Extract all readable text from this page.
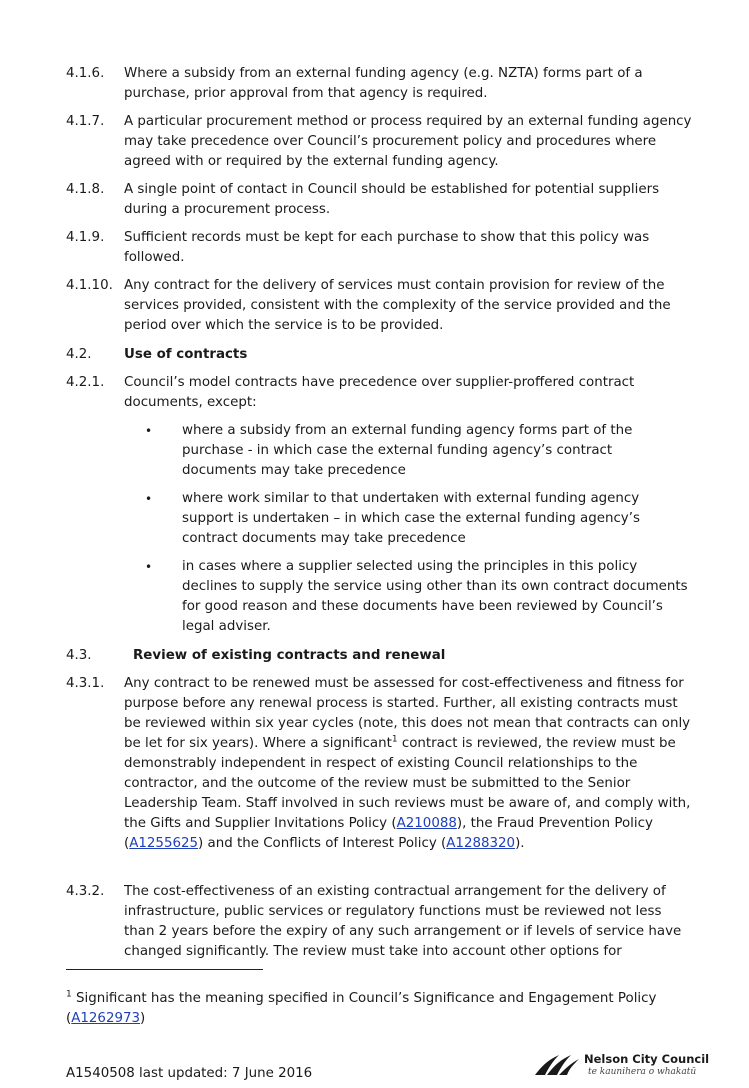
4.1.6. Where a subsidy from an external funding agency (e.g. NZTA) forms part of a purchase, prior approval from that agency is required.
4.1.7. A particular procurement method or process required by an external funding agency may take precedence over Council’s procurement policy and procedures where agreed with or required by the external funding agency.
4.1.8. A single point of contact in Council should be established for potential suppliers during a procurement process.
4.1.9. Sufficient records must be kept for each purchase to show that this policy was followed.
4.1.10. Any contract for the delivery of services must contain provision for review of the services provided, consistent with the complexity of the service provided and the period over which the service is to be provided.
4.2. Use of contracts
4.2.1. Council’s model contracts have precedence over supplier-proffered contract documents, except:
• where a subsidy from an external funding agency forms part of the purchase - in which case the external funding agency’s contract documents may take precedence
• where work similar to that undertaken with external funding agency support is undertaken – in which case the external funding agency’s contract documents may take precedence
• in cases where a supplier selected using the principles in this policy declines to supply the service using other than its own contract documents for good reason and these documents have been reviewed by Council’s legal adviser.
4.3.	Review of existing contracts and renewal
4.3.1. Any contract to be renewed must be assessed for cost-effectiveness and fitness for purpose before any renewal process is started. Further, all existing contracts must be reviewed within six year cycles (note, this does not mean that contracts can only be let for six years). Where a significant$^1$ contract is reviewed, the review must be demonstrably independent in respect of existing Council relationships to the contractor, and the outcome of the review must be submitted to the Senior Leadership Team. Staff involved in such reviews must be aware of, and comply with, the Gifts and Supplier Invitations Policy (A210088), the Fraud Prevention Policy (A1255625) and the Conflicts of Interest Policy (A1288320).
4.3.2. The cost-effectiveness of an existing contractual arrangement for the delivery of infrastructure, public services or regulatory functions must be reviewed not less than 2 years before the expiry of any such arrangement or if levels of service have changed significantly. The review must take into account other options for
$^1$ Significant has the meaning specified in Council’s Significance and Engagement Policy (A1262973)
A1540508 last updated: 7 June 2016
Nelson City Council
te kaunihera o whakatū
